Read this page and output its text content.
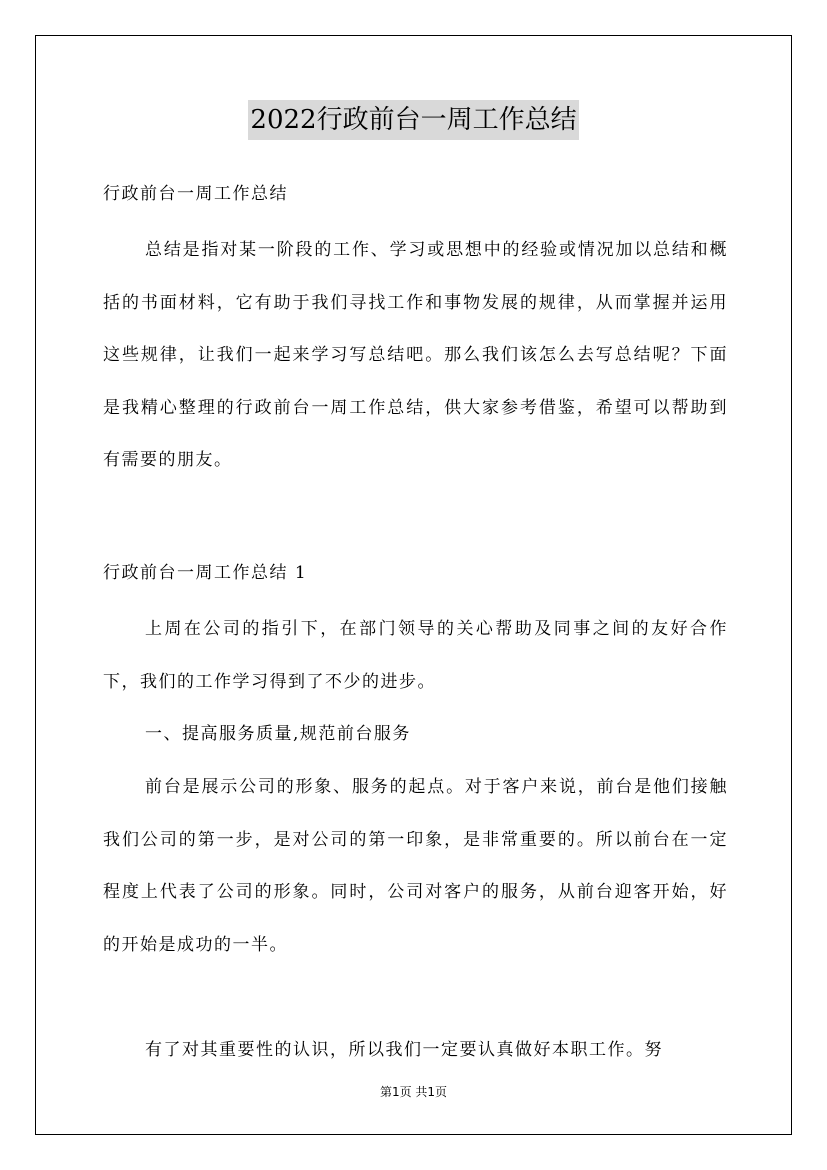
2022行政前台一周工作总结
行政前台一周工作总结
总结是指对某一阶段的工作、学习或思想中的经验或情况加以总结和概括的书面材料，它有助于我们寻找工作和事物发展的规律，从而掌握并运用这些规律，让我们一起来学习写总结吧。那么我们该怎么去写总结呢？下面是我精心整理的行政前台一周工作总结，供大家参考借鉴，希望可以帮助到有需要的朋友。
行政前台一周工作总结 1
上周在公司的指引下，在部门领导的关心帮助及同事之间的友好合作下，我们的工作学习得到了不少的进步。
一、提高服务质量,规范前台服务
前台是展示公司的形象、服务的起点。对于客户来说，前台是他们接触我们公司的第一步，是对公司的第一印象，是非常重要的。所以前台在一定程度上代表了公司的形象。同时，公司对客户的服务，从前台迎客开始，好的开始是成功的一半。
有了对其重要性的认识，所以我们一定要认真做好本职工作。努
第1页 共1页
